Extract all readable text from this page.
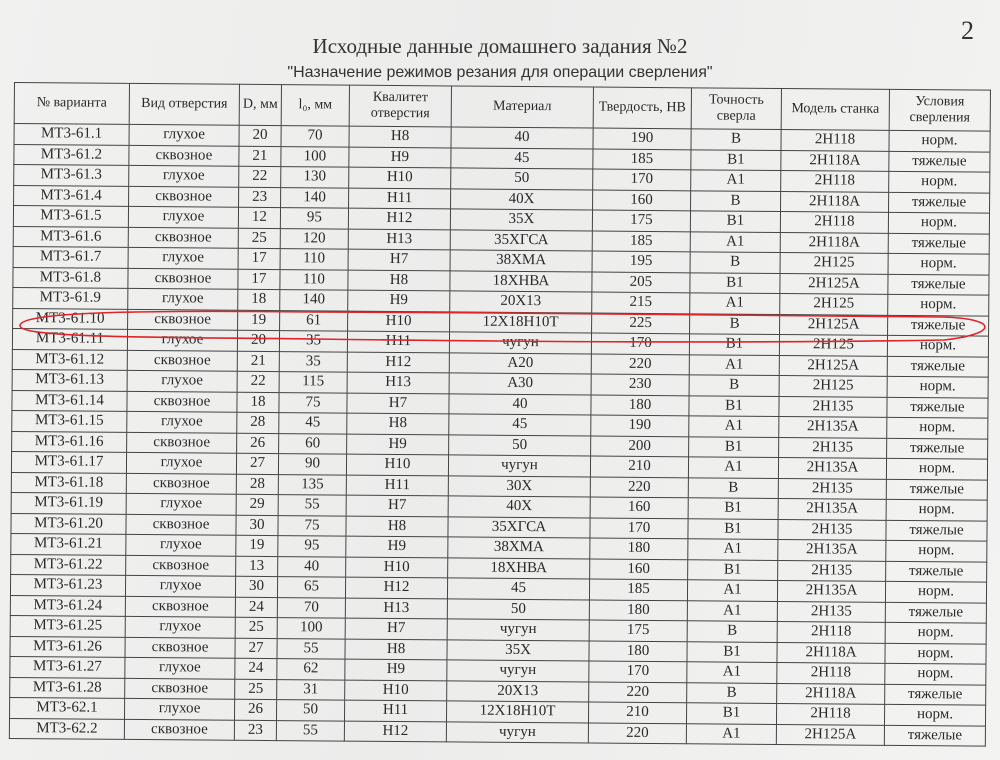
2
Исходные данные домашнего задания №2
"Назначение режимов резания для операции сверления"
№ варианта	Вид отверстия	D, мм	l₀, мм	Квалитет отверстия	Материал	Твердость, НВ	Точность сверла	Модель станка	Условия сверления
МТ3-61.1	глухое	20	70	Н8	40	190	В	2Н118	норм.
МТ3-61.2	сквозное	21	100	Н9	45	185	В1	2Н118А	тяжелые
МТ3-61.3	глухое	22	130	Н10	50	170	А1	2Н118	норм.
МТ3-61.4	сквозное	23	140	Н11	40Х	160	В	2Н118А	тяжелые
МТ3-61.5	глухое	12	95	Н12	35Х	175	В1	2Н118	норм.
МТ3-61.6	сквозное	25	120	Н13	35ХГСА	185	А1	2Н118А	тяжелые
МТ3-61.7	глухое	17	110	Н7	38ХМА	195	В	2Н125	норм.
МТ3-61.8	сквозное	17	110	Н8	18ХНВА	205	В1	2Н125А	тяжелые
МТ3-61.9	глухое	18	140	Н9	20Х13	215	А1	2Н125	норм.
МТ3-61.10	сквозное	19	61	Н10	12Х18Н10Т	225	В	2Н125А	тяжелые
МТ3-61.11	глухое	20	35	Н11	чугун	170	В1	2Н125	норм.
МТ3-61.12	сквозное	21	35	Н12	А20	220	А1	2Н125А	тяжелые
МТ3-61.13	глухое	22	115	Н13	А30	230	В	2Н125	норм.
МТ3-61.14	сквозное	18	75	Н7	40	180	В1	2Н135	тяжелые
МТ3-61.15	глухое	28	45	Н8	45	190	А1	2Н135А	норм.
МТ3-61.16	сквозное	26	60	Н9	50	200	В1	2Н135	тяжелые
МТ3-61.17	глухое	27	90	Н10	чугун	210	А1	2Н135А	норм.
МТ3-61.18	сквозное	28	135	Н11	30Х	220	В	2Н135	тяжелые
МТ3-61.19	глухое	29	55	Н7	40Х	160	В1	2Н135А	норм.
МТ3-61.20	сквозное	30	75	Н8	35ХГСА	170	В1	2Н135	тяжелые
МТ3-61.21	глухое	19	95	Н9	38ХМА	180	А1	2Н135А	норм.
МТ3-61.22	сквозное	13	40	Н10	18ХНВА	160	В1	2Н135	тяжелые
МТ3-61.23	глухое	30	65	Н12	45	185	А1	2Н135А	норм.
МТ3-61.24	сквозное	24	70	Н13	50	180	А1	2Н135	тяжелые
МТ3-61.25	глухое	25	100	Н7	чугун	175	В	2Н118	норм.
МТ3-61.26	сквозное	27	55	Н8	35Х	180	В1	2Н118А	норм.
МТ3-61.27	глухое	24	62	Н9	чугун	170	А1	2Н118	норм.
МТ3-61.28	сквозное	25	31	Н10	20Х13	220	В	2Н118А	тяжелые
МТ3-62.1	глухое	26	50	Н11	12Х18Н10Т	210	В1	2Н118	норм.
МТ3-62.2	сквозное	23	55	Н12	чугун	220	А1	2Н125А	тяжелые
